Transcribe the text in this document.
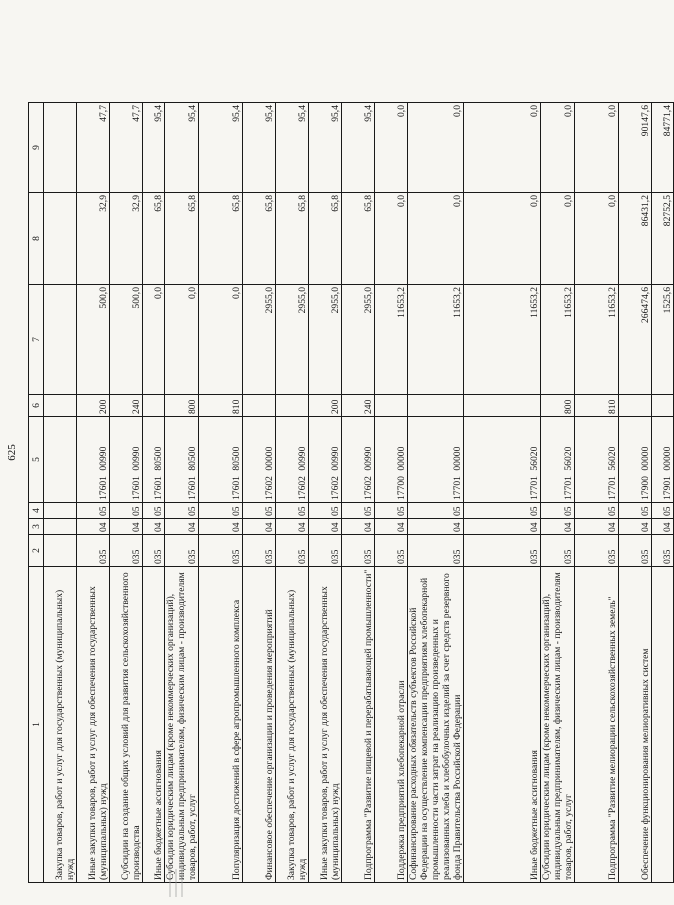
625
1	2	3	4	5	6	7	8	9
Закупка товаров, работ и услуг для государственных (муниципальных) нужд								
Иные закупки товаров, работ и услуг для обеспечения государственных (муниципальных) нужд	035	04	05	17601 00990	200	500,0	32,9	47,7
Субсидии на создание общих условий для развития сельскохозяйственного производства	035	04	05	17601 00990	240	500,0	32,9	47,7
Иные бюджетные ассигнования	035	04	05	17601 80500		0,0	65,8	95,4
Субсидии юридическим лицам (кроме некоммерческих организаций), индивидуальным предпринимателям, физическим лицам - производителям товаров, работ, услуг	035	04	05	17601 80500	800	0,0	65,8	95,4
Популяризация достижений в сфере агропромышленного комплекса	035	04	05	17601 80500	810	0,0	65,8	95,4
Финансовое обеспечение организации и проведения мероприятий	035	04	05	17602 00000		2955,0	65,8	95,4
Закупка товаров, работ и услуг для государственных (муниципальных) нужд	035	04	05	17602 00990		2955,0	65,8	95,4
Иные закупки товаров, работ и услуг для обеспечения государственных (муниципальных) нужд	035	04	05	17602 00990	200	2955,0	65,8	95,4
Подпрограмма "Развитие пищевой и перерабатывающей промышленности"	035	04	05	17602 00990	240	2955,0	65,8	95,4
Поддержка предприятий хлебопекарной отрасли	035	04	05	17700 00000		11653,2	0,0	0,0
Софинансирование расходных обязательств субъектов Российской Федерации на осуществление компенсации предприятиям хлебопекарной промышленности части затрат на реализацию произведенных и реализованных хлеба и хлебобулочных изделий за счет средств резервного фонда Правительства Российской Федерации	035	04	05	17701 00000		11653,2	0,0	0,0
Иные бюджетные ассигнования	035	04	05	17701 56020		11653,2	0,0	0,0
Субсидии юридическим лицам (кроме некоммерческих организаций), индивидуальным предпринимателям, физическим лицам - производителям товаров, работ, услуг	035	04	05	17701 56020	800	11653,2	0,0	0,0
Подпрограмма "Развитие мелиорации сельскохозяйственных земель"	035	04	05	17701 56020	810	11653,2	0,0	0,0
Обеспечение функционирования мелиоративных систем	035	04	05	17900 00000		266474,6	86431,2	90147,6
	035	04	05	17901 00000		1525,6	82752,5	84771,4
